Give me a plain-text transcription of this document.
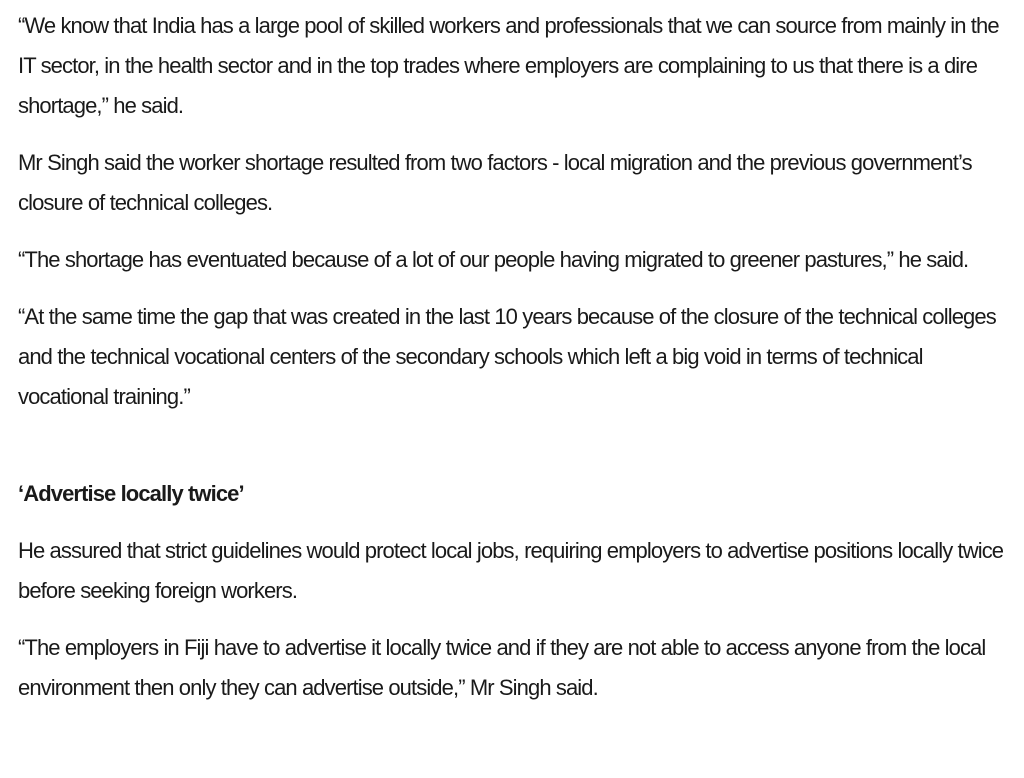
“We know that India has a large pool of skilled workers and professionals that we can source from mainly in the IT sector, in the health sector and in the top trades where employers are complaining to us that there is a dire shortage,” he said.

Mr Singh said the worker shortage resulted from two factors - local migration and the previous government’s closure of technical colleges.

“The shortage has eventuated because of a lot of our people having migrated to greener pastures,” he said.

“At the same time the gap that was created in the last 10 years because of the closure of the technical colleges and the technical vocational centers of the secondary schools which left a big void in terms of technical vocational training.”

‘Advertise locally twice’

He assured that strict guidelines would protect local jobs, requiring employers to advertise positions locally twice before seeking foreign workers.

“The employers in Fiji have to advertise it locally twice and if they are not able to access anyone from the local environment then only they can advertise outside,” Mr Singh said.
